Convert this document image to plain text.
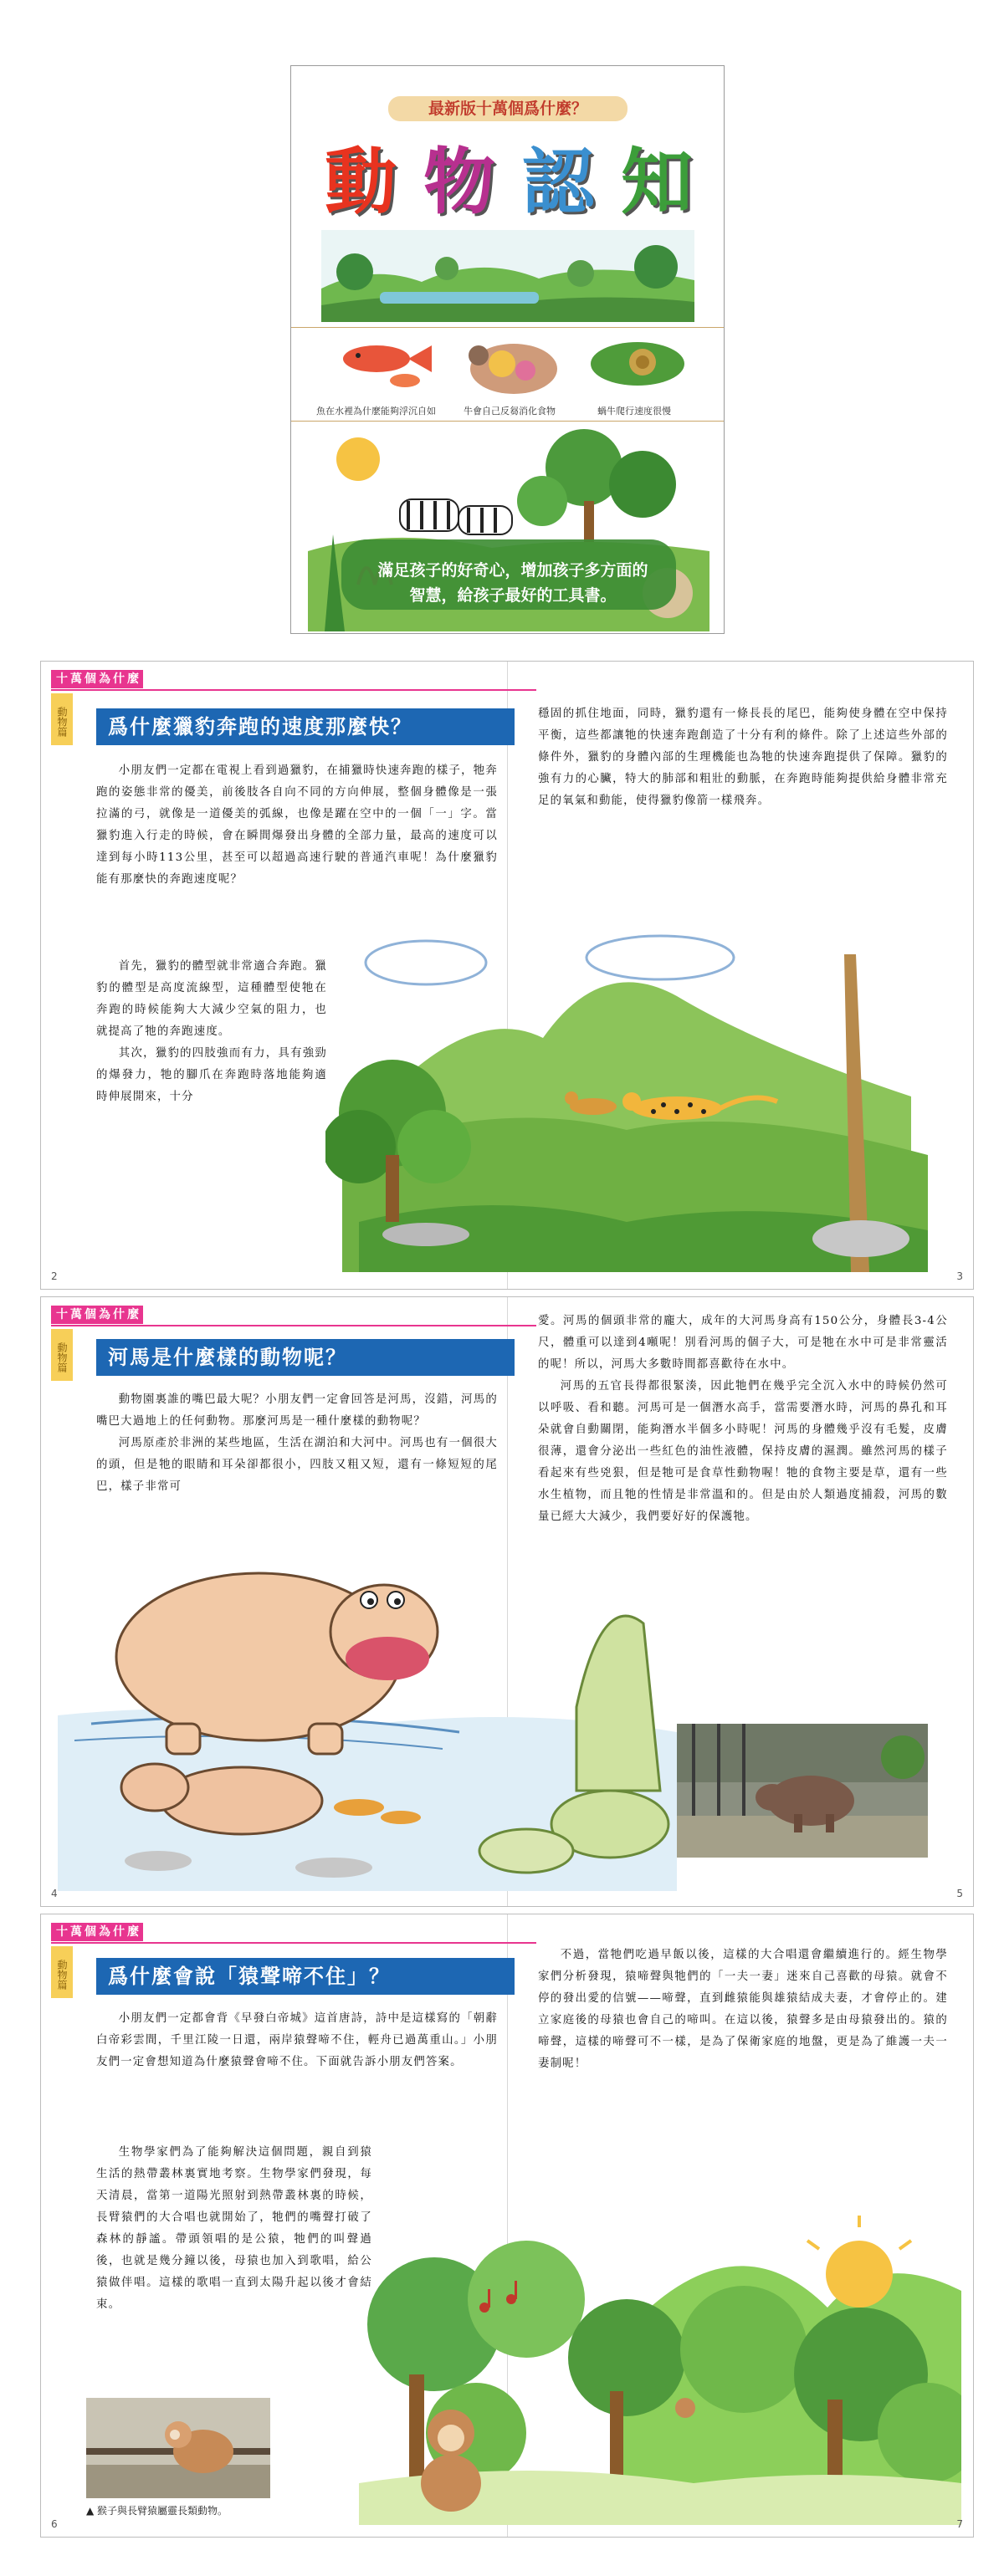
最新版十萬個爲什麼？
動 物 認 知
魚在水裡為什麼能夠浮沉自如	牛會自己反芻消化食物	蝸牛爬行速度很慢
滿足孩子的好奇心，增加孩子多方面的
智慧，給孩子最好的工具書。
十萬個為什麼
動物篇	爲什麼獵豹奔跑的速度那麼快？

小朋友們一定都在電視上看到過獵豹，在捕獵時快速奔跑的樣子，牠奔跑的姿態非常的優美，前後肢各自向不同的方向伸展，整個身體像是一張拉滿的弓，就像是一道優美的弧線，也像是躍在空中的一個「一」字。當獵豹進入行走的時候，會在瞬間爆發出身體的全部力量，最高的速度可以達到每小時113公里，甚至可以超過高速行駛的普通汽車呢！為什麼獵豹能有那麼快的奔跑速度呢？

首先，獵豹的體型就非常適合奔跑。獵豹的體型是高度流線型，這種體型使牠在奔跑的時候能夠大大減少空氣的阻力，也就提高了牠的奔跑速度。

其次，獵豹的四肢強而有力，具有強勁的爆發力，牠的腳爪在奔跑時落地能夠適時伸展開來，十分

穩固的抓住地面，同時，獵豹還有一條長長的尾巴，能夠使身體在空中保持平衡，這些都讓牠的快速奔跑創造了十分有利的條件。除了上述這些外部的條件外，獵豹的身體內部的生理機能也為牠的快速奔跑提供了保障。獵豹的強有力的心臟，特大的肺部和粗壯的動脈，在奔跑時能夠提供給身體非常充足的氧氣和動能，使得獵豹像箭一樣飛奔。

2	3
十萬個為什麼
動物篇	河馬是什麼樣的動物呢？

動物園裏誰的嘴巴最大呢？小朋友們一定會回答是河馬，沒錯，河馬的嘴巴大過地上的任何動物。那麼河馬是一種什麼樣的動物呢？

河馬原產於非洲的某些地區，生活在湖泊和大河中。河馬也有一個很大的頭，但是牠的眼睛和耳朵卻都很小，四肢又粗又短，還有一條短短的尾巴，樣子非常可

愛。河馬的個頭非常的龐大，成年的大河馬身高有150公分，身體長3-4公尺，體重可以達到4噸呢！別看河馬的個子大，可是牠在水中可是非常靈活的呢！所以，河馬大多數時間都喜歡待在水中。

河馬的五官長得都很緊湊，因此牠們在幾乎完全沉入水中的時候仍然可以呼吸、看和聽。河馬可是一個潛水高手，當需要潛水時，河馬的鼻孔和耳朵就會自動關閉，能夠潛水半個多小時呢！河馬的身體幾乎沒有毛髮，皮膚很薄，還會分泌出一些紅色的油性液體，保持皮膚的濕潤。雖然河馬的樣子看起來有些兇狠，但是牠可是食草性動物喔！牠的食物主要是草，還有一些水生植物，而且牠的性情是非常溫和的。但是由於人類過度捕殺，河馬的數量已經大大減少，我們要好好的保護牠。

4	5
十萬個為什麼
動物篇	爲什麼會說「猿聲啼不住」？

小朋友們一定都會背《早發白帝城》這首唐詩，詩中是這樣寫的「朝辭白帝彩雲間，千里江陵一日還，兩岸猿聲啼不住，輕舟已過萬重山。」小朋友們一定會想知道為什麼猿聲會啼不住。下面就告訴小朋友們答案。

生物學家們為了能夠解決這個問題，親自到猿生活的熱帶叢林裏實地考察。生物學家們發現，每天清晨，當第一道陽光照射到熱帶叢林裏的時候，長臂猿們的大合唱也就開始了，牠們的嘴聲打破了森林的靜謐。帶頭領唱的是公猿，牠們的叫聲過後，也就是幾分鐘以後，母猿也加入到歌唱，給公猿做伴唱。這樣的歌唱一直到太陽升起以後才會結束。

不過，當牠們吃過早飯以後，這樣的大合唱還會繼續進行的。經生物學家們分析發現，猿啼聲與牠們的「一夫一妻」迷來自己喜歡的母猿。就會不停的發出愛的信號——啼聲，直到雌猿能與雄猿結成夫妻，才會停止的。建立家庭後的母猿也會自己的啼叫。在這以後，猿聲多是由母猿發出的。猿的啼聲，這樣的啼聲可不一樣，是為了保衛家庭的地盤，更是為了維護一夫一妻制呢！

▲ 猴子與長臂猿屬靈長類動物。
6	7
